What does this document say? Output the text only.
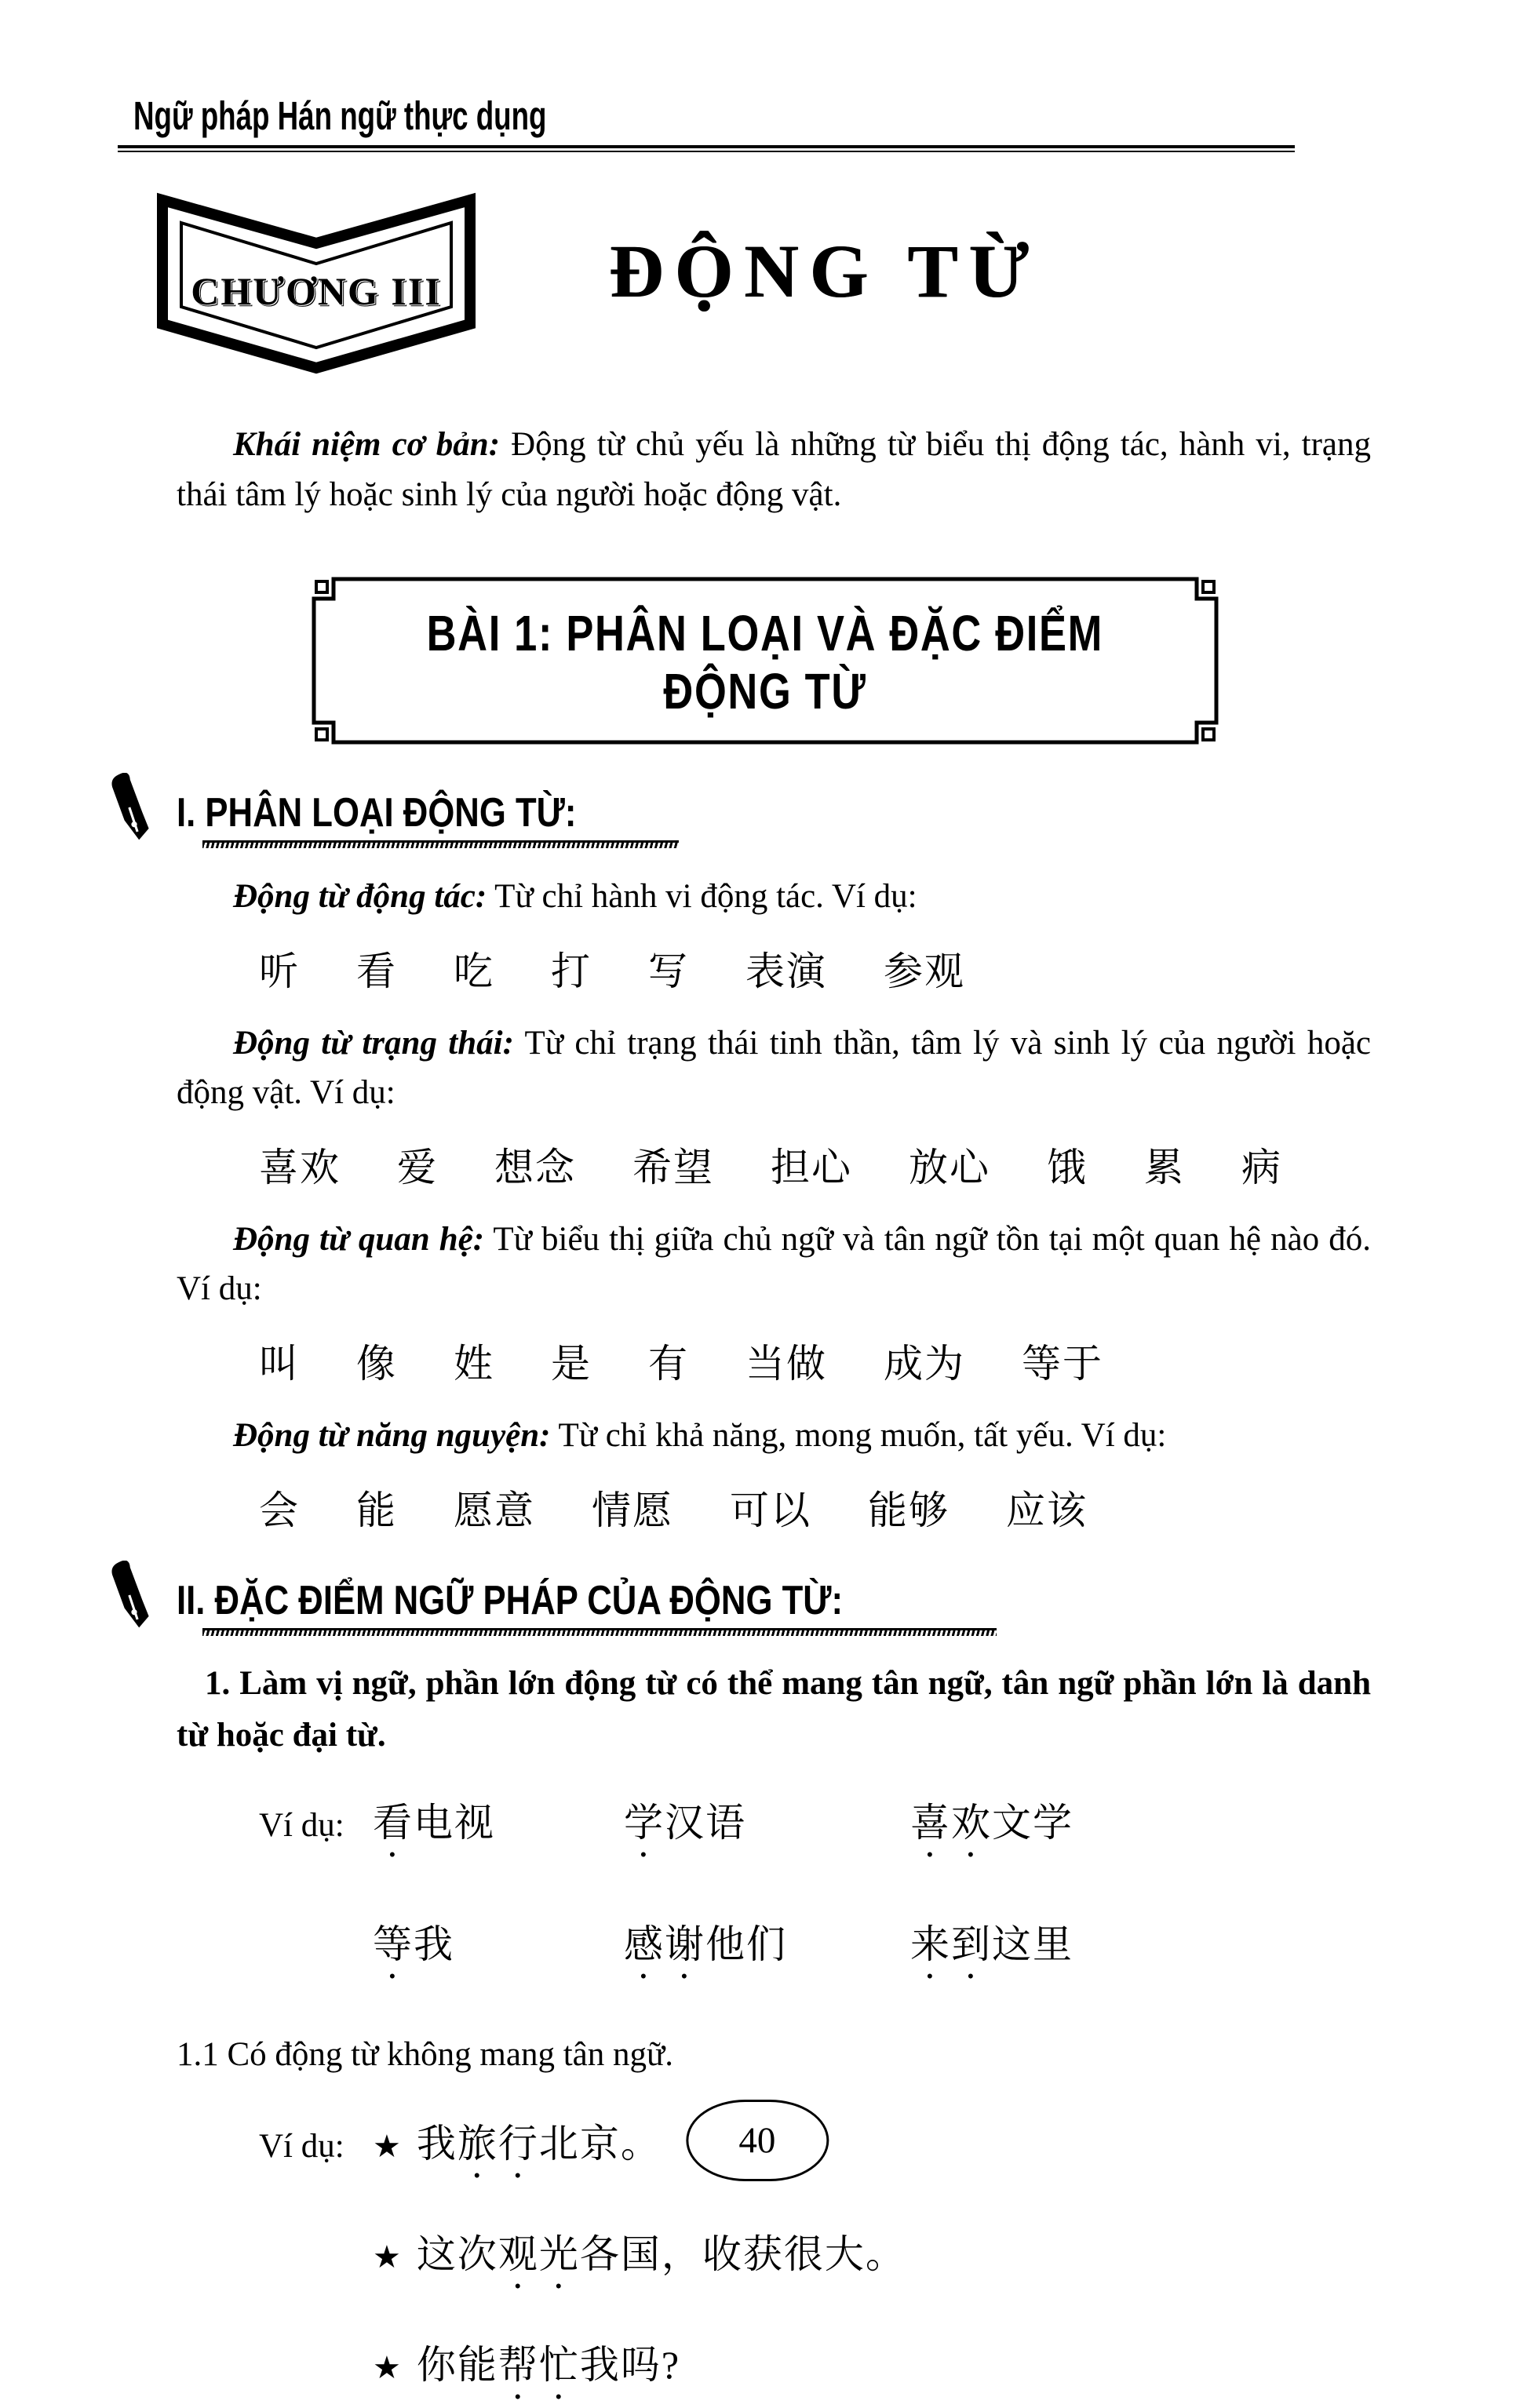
Ngữ pháp Hán ngữ thực dụng
CHƯƠNG III	ĐỘNG TỪ

Khái niệm cơ bản: Động từ chủ yếu là những từ biểu thị động tác, hành vi, trạng thái tâm lý hoặc sinh lý của người hoặc động vật.

BÀI 1: PHÂN LOẠI VÀ ĐẶC ĐIỂM
ĐỘNG TỪ
I. PHÂN LOẠI ĐỘNG TỪ:

Động từ động tác: Từ chỉ hành vi động tác. Ví dụ:

听 看 吃 打 写 表演 参观

Động từ trạng thái: Từ chỉ trạng thái tinh thần, tâm lý và sinh lý của người hoặc động vật. Ví dụ:

喜欢 爱 想念 希望 担心 放心 饿 累 病

Động từ quan hệ: Từ biểu thị giữa chủ ngữ và tân ngữ tồn tại một quan hệ nào đó. Ví dụ:

叫 像 姓 是 有 当做 成为 等于

Động từ năng nguyện: Từ chỉ khả năng, mong muốn, tất yếu. Ví dụ:

会 能 愿意 情愿 可以 能够 应该
II. ĐẶC ĐIỂM NGỮ PHÁP CỦA ĐỘNG TỪ:

1. Làm vị ngữ, phần lớn động từ có thể mang tân ngữ, tân ngữ phần lớn là danh từ hoặc đại từ.

Ví dụ: 看电视	学汉语	喜欢文学
等我	感谢他们	来到这里

1.1 Có động từ không mang tân ngữ.

Ví dụ: ★ 我 旅行 北京。
★ 这次 观光 各国，收获很大。
★ 你能 帮忙 我吗?
40
